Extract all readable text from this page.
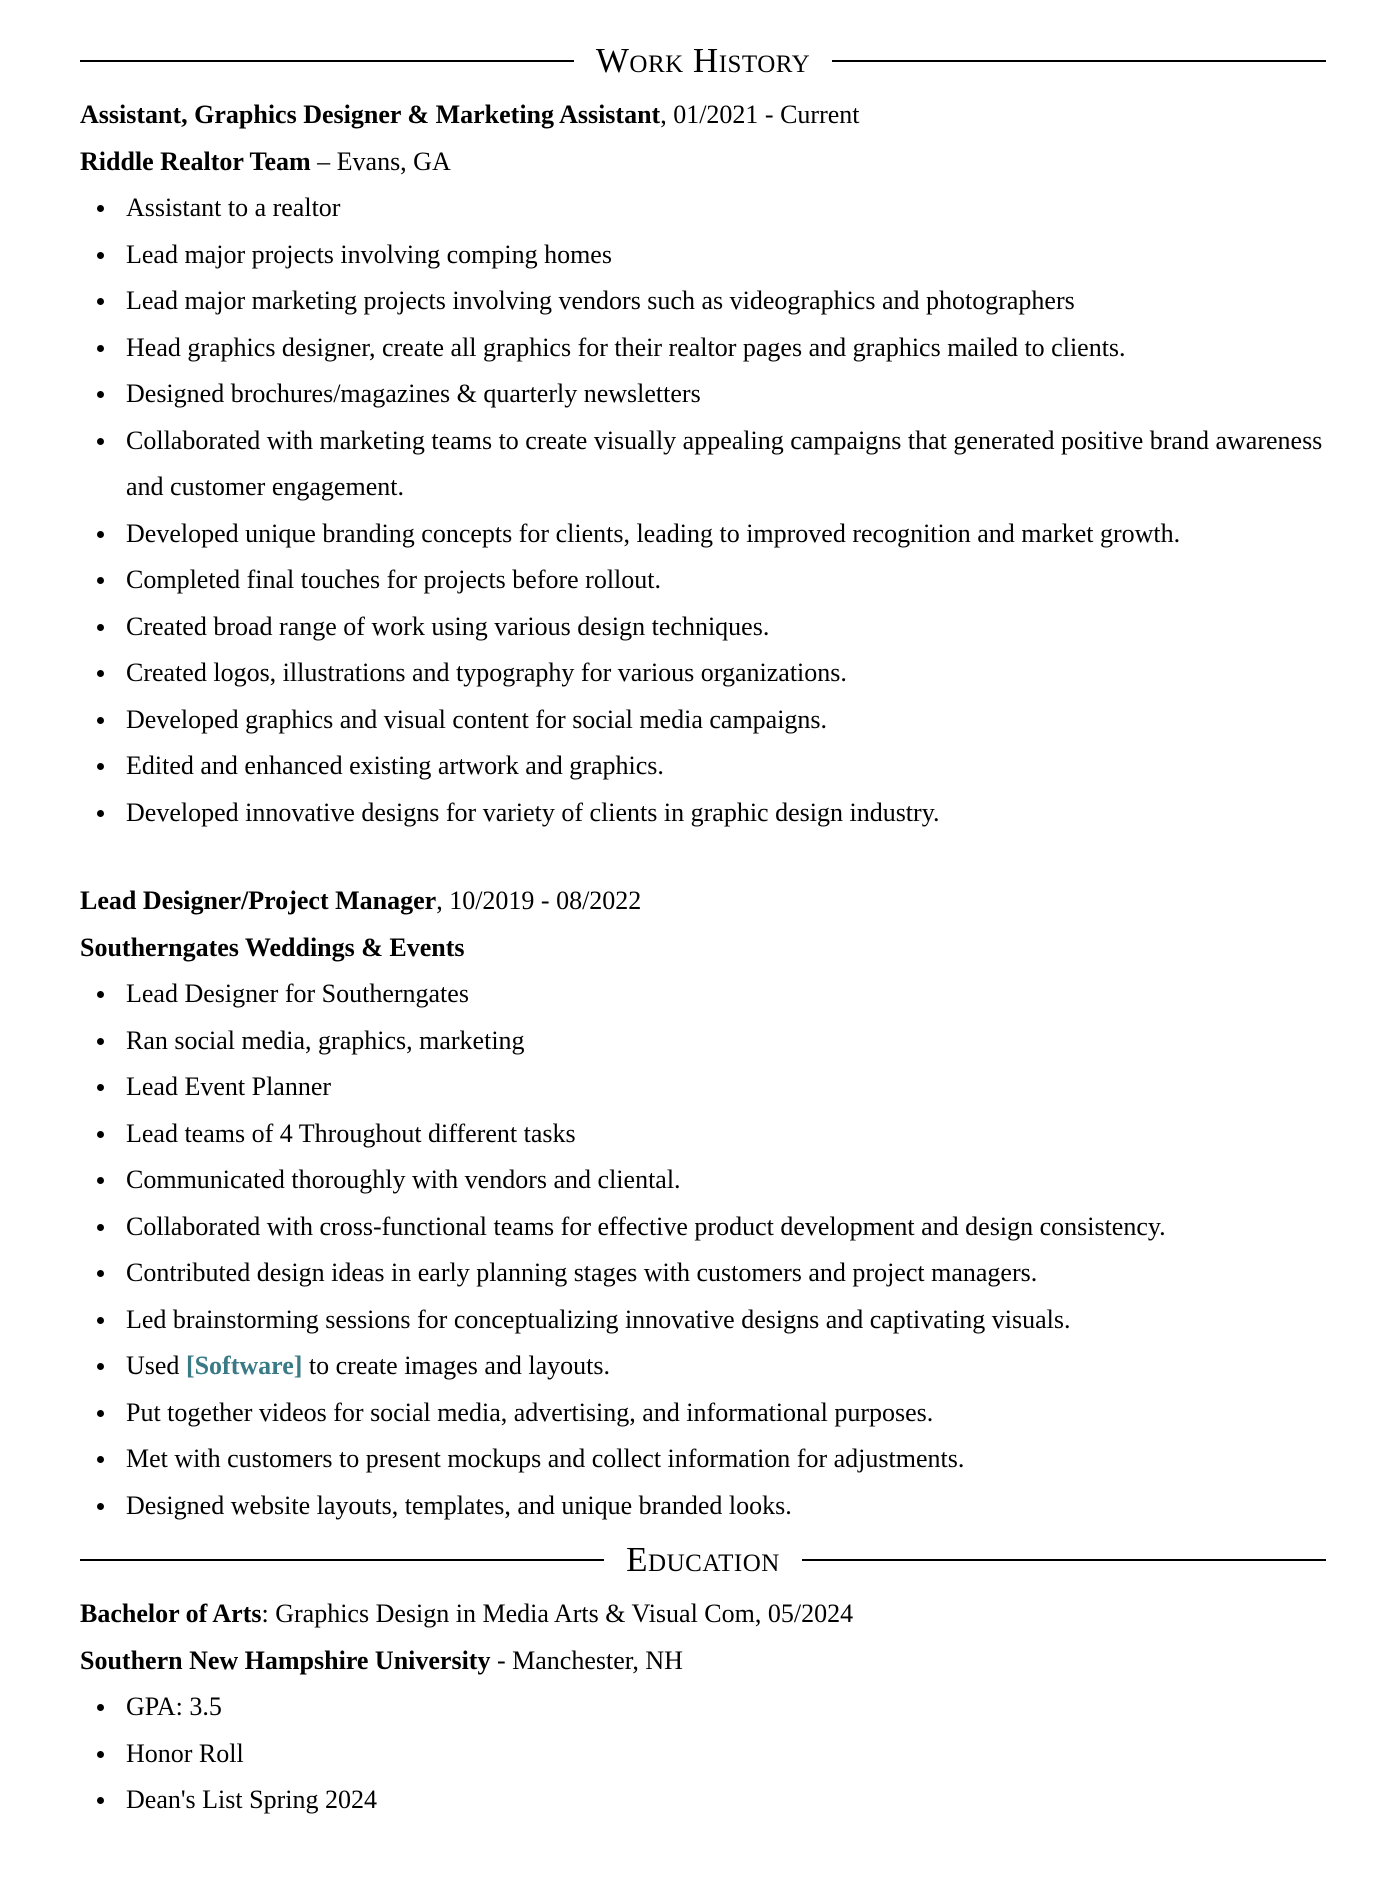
Work History

Assistant, Graphics Designer & Marketing Assistant, 01/2021 - Current

Riddle Realtor Team – Evans, GA

Assistant to a realtor
Lead major projects involving comping homes
Lead major marketing projects involving vendors such as videographics and photographers
Head graphics designer, create all graphics for their realtor pages and graphics mailed to clients.
Designed brochures/magazines & quarterly newsletters
Collaborated with marketing teams to create visually appealing campaigns that generated positive brand awareness and customer engagement.
Developed unique branding concepts for clients, leading to improved recognition and market growth.
Completed final touches for projects before rollout.
Created broad range of work using various design techniques.
Created logos, illustrations and typography for various organizations.
Developed graphics and visual content for social media campaigns.
Edited and enhanced existing artwork and graphics.
Developed innovative designs for variety of clients in graphic design industry.

Lead Designer/Project Manager, 10/2019 - 08/2022

Southerngates Weddings & Events

Lead Designer for Southerngates
Ran social media, graphics, marketing
Lead Event Planner
Lead teams of 4 Throughout different tasks
Communicated thoroughly with vendors and cliental.
Collaborated with cross-functional teams for effective product development and design consistency.
Contributed design ideas in early planning stages with customers and project managers.
Led brainstorming sessions for conceptualizing innovative designs and captivating visuals.
Used [Software] to create images and layouts.
Put together videos for social media, advertising, and informational purposes.
Met with customers to present mockups and collect information for adjustments.
Designed website layouts, templates, and unique branded looks.
Education

Bachelor of Arts: Graphics Design in Media Arts & Visual Com, 05/2024

Southern New Hampshire University - Manchester, NH

GPA: 3.5
Honor Roll
Dean's List Spring 2024
